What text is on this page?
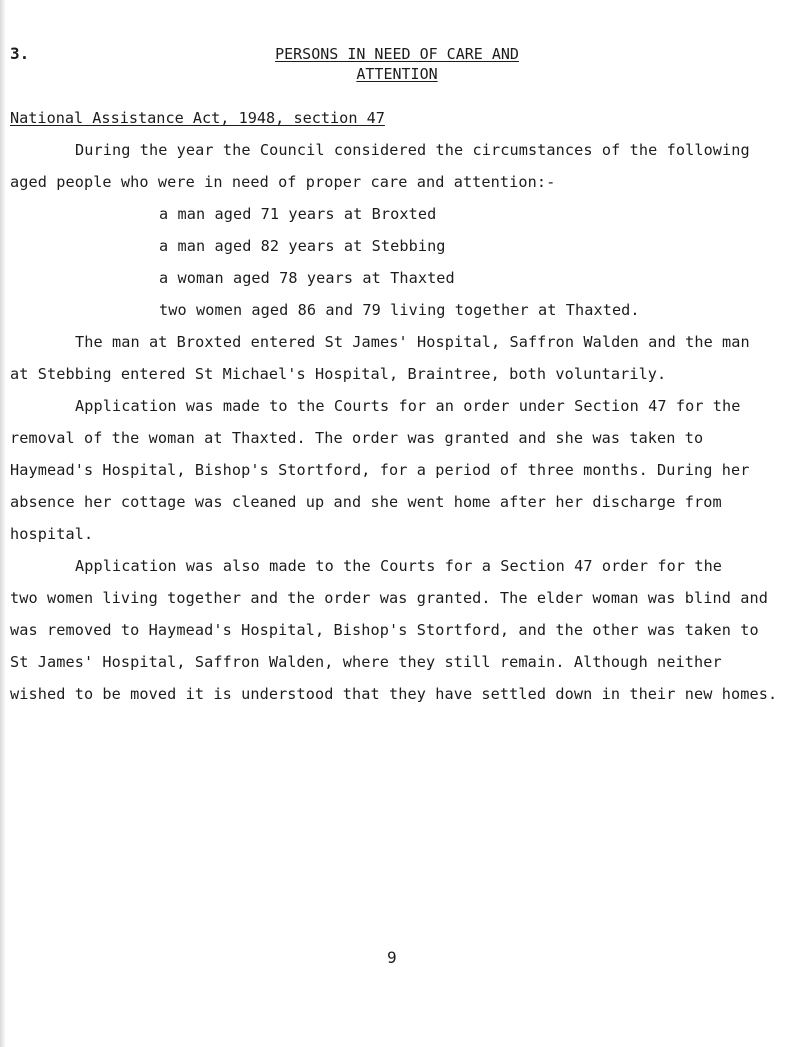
3.	PERSONS IN NEED OF CARE AND
ATTENTION
National Assistance Act, 1948, section 47
During the year the Council considered the circumstances of the following
aged people who were in need of proper care and attention:-
a man aged 71 years at Broxted
a man aged 82 years at Stebbing
a woman aged 78 years at Thaxted
two women aged 86 and 79 living together at Thaxted.
The man at Broxted entered St James' Hospital, Saffron Walden and the man
at Stebbing entered St Michael's Hospital, Braintree, both voluntarily.
Application was made to the Courts for an order under Section 47 for the
removal of the woman at Thaxted. The order was granted and she was taken to
Haymead's Hospital, Bishop's Stortford, for a period of three months. During her
absence her cottage was cleaned up and she went home after her discharge from
hospital.
Application was also made to the Courts for a Section 47 order for the
two women living together and the order was granted. The elder woman was blind and
was removed to Haymead's Hospital, Bishop's Stortford, and the other was taken to
St James' Hospital, Saffron Walden, where they still remain. Although neither
wished to be moved it is understood that they have settled down in their new homes.
9
